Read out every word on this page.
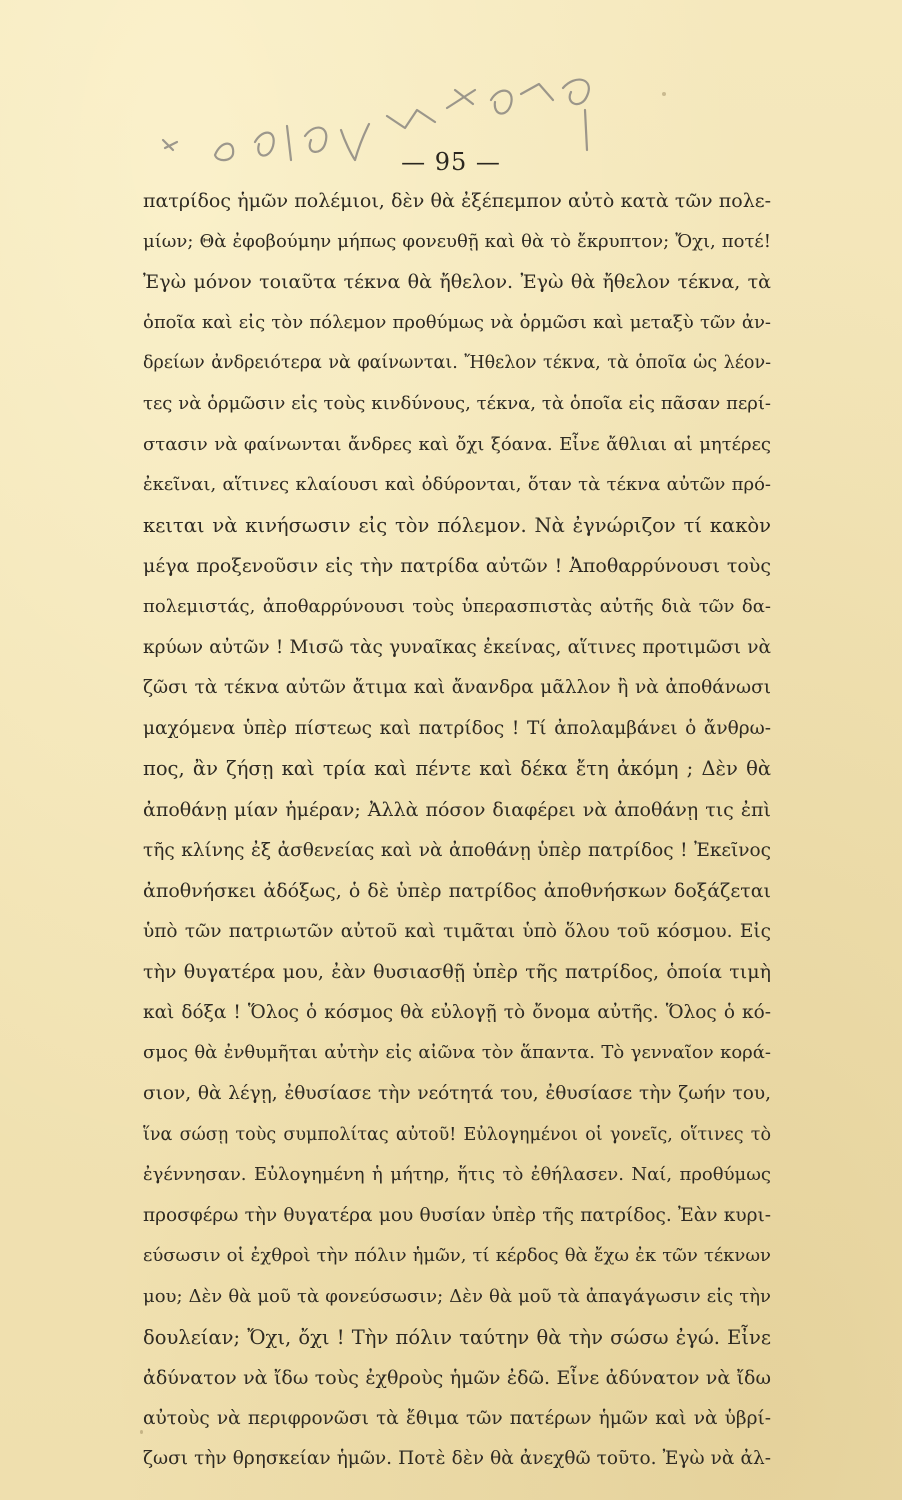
— 95 —
πατρίδος ἡμῶν πολέμιοι, δὲν θὰ ἐξέπεμπον αὐτὸ κατὰ τῶν πολε-
μίων; Θὰ ἐφοβούμην μήπως φονευθῇ καὶ θὰ τὸ ἔκρυπτον; Ὄχι, ποτέ!
Ἐγὼ μόνον τοιαῦτα τέκνα θὰ ἤθελον. Ἐγὼ θὰ ἤθελον τέκνα, τὰ
ὁποῖα καὶ εἰς τὸν πόλεμον προθύμως νὰ ὁρμῶσι καὶ μεταξὺ τῶν ἀν-
δρείων ἀνδρειότερα νὰ φαίνωνται. Ἤθελον τέκνα, τὰ ὁποῖα ὡς λέον-
τες νὰ ὁρμῶσιν εἰς τοὺς κινδύνους, τέκνα, τὰ ὁποῖα εἰς πᾶσαν περί-
στασιν νὰ φαίνωνται ἄνδρες καὶ ὄχι ξόανα. Εἶνε ἄθλιαι αἱ μητέρες
ἐκεῖναι, αἵτινες κλαίουσι καὶ ὀδύρονται, ὅταν τὰ τέκνα αὐτῶν πρό-
κειται νὰ κινήσωσιν εἰς τὸν πόλεμον. Νὰ ἐγνώριζον τί κακὸν
μέγα προξενοῦσιν εἰς τὴν πατρίδα αὐτῶν ! Ἀποθαρρύνουσι τοὺς
πολεμιστάς, ἀποθαρρύνουσι τοὺς ὑπερασπιστὰς αὐτῆς διὰ τῶν δα-
κρύων αὐτῶν ! Μισῶ τὰς γυναῖκας ἐκείνας, αἵτινες προτιμῶσι νὰ
ζῶσι τὰ τέκνα αὐτῶν ἄτιμα καὶ ἄνανδρα μᾶλλον ἢ νὰ ἀποθάνωσι
μαχόμενα ὑπὲρ πίστεως καὶ πατρίδος ! Τί ἀπολαμβάνει ὁ ἄνθρω-
πος, ἂν ζήσῃ καὶ τρία καὶ πέντε καὶ δέκα ἔτη ἀκόμη ; Δὲν θὰ
ἀποθάνῃ μίαν ἡμέραν; Ἀλλὰ πόσον διαφέρει νὰ ἀποθάνῃ τις ἐπὶ
τῆς κλίνης ἐξ ἀσθενείας καὶ νὰ ἀποθάνῃ ὑπὲρ πατρίδος ! Ἐκεῖνος
ἀποθνήσκει ἀδόξως, ὁ δὲ ὑπὲρ πατρίδος ἀποθνήσκων δοξάζεται
ὑπὸ τῶν πατριωτῶν αὐτοῦ καὶ τιμᾶται ὑπὸ ὅλου τοῦ κόσμου. Εἰς
τὴν θυγατέρα μου, ἐὰν θυσιασθῇ ὑπὲρ τῆς πατρίδος, ὁποία τιμὴ
καὶ δόξα ! Ὅλος ὁ κόσμος θὰ εὐλογῇ τὸ ὄνομα αὐτῆς. Ὅλος ὁ κό-
σμος θὰ ἐνθυμῆται αὐτὴν εἰς αἰῶνα τὸν ἅπαντα. Τὸ γενναῖον κορά-
σιον, θὰ λέγῃ, ἐθυσίασε τὴν νεότητά του, ἐθυσίασε τὴν ζωήν του,
ἵνα σώσῃ τοὺς συμπολίτας αὐτοῦ! Εὐλογημένοι οἱ γονεῖς, οἵτινες τὸ
ἐγέννησαν. Εὐλογημένη ἡ μήτηρ, ἥτις τὸ ἐθήλασεν. Ναί, προθύμως
προσφέρω τὴν θυγατέρα μου θυσίαν ὑπὲρ τῆς πατρίδος. Ἐὰν κυρι-
εύσωσιν οἱ ἐχθροὶ τὴν πόλιν ἡμῶν, τί κέρδος θὰ ἔχω ἐκ τῶν τέκνων
μου; Δὲν θὰ μοῦ τὰ φονεύσωσιν; Δὲν θὰ μοῦ τὰ ἀπαγάγωσιν εἰς τὴν
δουλείαν; Ὄχι, ὄχι ! Τὴν πόλιν ταύτην θὰ τὴν σώσω ἐγώ. Εἶνε
ἀδύνατον νὰ ἴδω τοὺς ἐχθροὺς ἡμῶν ἐδῶ. Εἶνε ἀδύνατον νὰ ἴδω
αὐτοὺς νὰ περιφρονῶσι τὰ ἔθιμα τῶν πατέρων ἡμῶν καὶ νὰ ὑβρί-
ζωσι τὴν θρησκείαν ἡμῶν. Ποτὲ δὲν θὰ ἀνεχθῶ τοῦτο. Ἐγὼ νὰ ἀλ-
